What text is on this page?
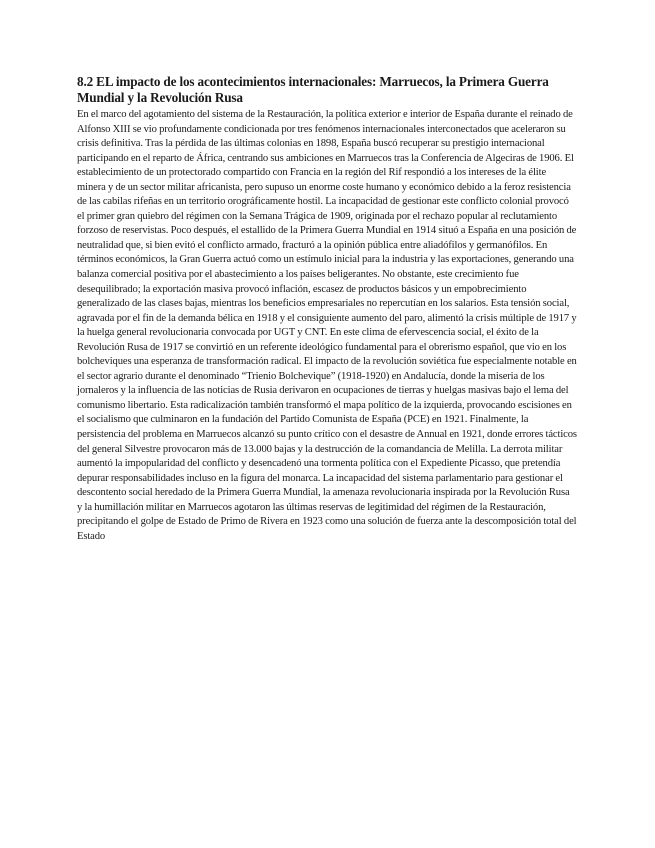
8.2 EL impacto de los acontecimientos internacionales: Marruecos, la Primera Guerra Mundial y la Revolución Rusa

En el marco del agotamiento del sistema de la Restauración, la política exterior e interior de España durante el reinado de Alfonso XIII se vio profundamente condicionada por tres fenómenos internacionales interconectados que aceleraron su crisis definitiva. Tras la pérdida de las últimas colonias en 1898, España buscó recuperar su prestigio internacional participando en el reparto de África, centrando sus ambiciones en Marruecos tras la Conferencia de Algeciras de 1906. El establecimiento de un protectorado compartido con Francia en la región del Rif respondió a los intereses de la élite minera y de un sector militar africanista, pero supuso un enorme coste humano y económico debido a la feroz resistencia de las cabilas rifeñas en un territorio orográficamente hostil. La incapacidad de gestionar este conflicto colonial provocó el primer gran quiebro del régimen con la Semana Trágica de 1909, originada por el rechazo popular al reclutamiento forzoso de reservistas. Poco después, el estallido de la Primera Guerra Mundial en 1914 situó a España en una posición de neutralidad que, si bien evitó el conflicto armado, fracturó a la opinión pública entre aliadófilos y germanófilos. En términos económicos, la Gran Guerra actuó como un estímulo inicial para la industria y las exportaciones, generando una balanza comercial positiva por el abastecimiento a los países beligerantes. No obstante, este crecimiento fue desequilibrado; la exportación masiva provocó inflación, escasez de productos básicos y un empobrecimiento generalizado de las clases bajas, mientras los beneficios empresariales no repercutían en los salarios. Esta tensión social, agravada por el fin de la demanda bélica en 1918 y el consiguiente aumento del paro, alimentó la crisis múltiple de 1917 y la huelga general revolucionaria convocada por UGT y CNT. En este clima de efervescencia social, el éxito de la Revolución Rusa de 1917 se convirtió en un referente ideológico fundamental para el obrerismo español, que vio en los bolcheviques una esperanza de transformación radical. El impacto de la revolución soviética fue especialmente notable en el sector agrario durante el denominado “Trienio Bolchevique” (1918-1920) en Andalucía, donde la miseria de los jornaleros y la influencia de las noticias de Rusia derivaron en ocupaciones de tierras y huelgas masivas bajo el lema del comunismo libertario. Esta radicalización también transformó el mapa político de la izquierda, provocando escisiones en el socialismo que culminaron en la fundación del Partido Comunista de España (PCE) en 1921. Finalmente, la persistencia del problema en Marruecos alcanzó su punto crítico con el desastre de Annual en 1921, donde errores tácticos del general Silvestre provocaron más de 13.000 bajas y la destrucción de la comandancia de Melilla. La derrota militar aumentó la impopularidad del conflicto y desencadenó una tormenta política con el Expediente Picasso, que pretendía depurar responsabilidades incluso en la figura del monarca. La incapacidad del sistema parlamentario para gestionar el descontento social heredado de la Primera Guerra Mundial, la amenaza revolucionaria inspirada por la Revolución Rusa y la humillación militar en Marruecos agotaron las últimas reservas de legitimidad del régimen de la Restauración, precipitando el golpe de Estado de Primo de Rivera en 1923 como una solución de fuerza ante la descomposición total del Estado
